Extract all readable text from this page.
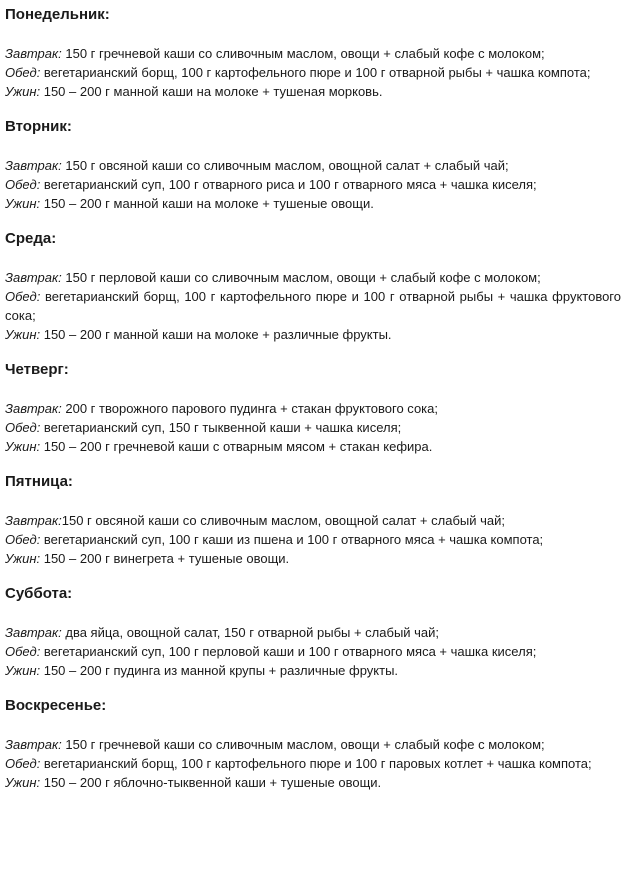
Понедельник:

Завтрак: 150 г гречневой каши со сливочным маслом, овощи + слабый кофе с молоком;

Обед: вегетарианский борщ, 100 г картофельного пюре и 100 г отварной рыбы + чашка компота;

Ужин: 150 – 200 г манной каши на молоке + тушеная морковь.

Вторник:

Завтрак: 150 г овсяной каши со сливочным маслом, овощной салат + слабый чай;

Обед: вегетарианский суп, 100 г отварного риса и 100 г отварного мяса + чашка киселя;

Ужин: 150 – 200 г манной каши на молоке + тушеные овощи.

Среда:

Завтрак: 150 г перловой каши со сливочным маслом, овощи + слабый кофе с молоком;

Обед: вегетарианский борщ, 100 г картофельного пюре и 100 г отварной рыбы + чашка фруктового сока;

Ужин: 150 – 200 г манной каши на молоке + различные фрукты.

Четверг:

Завтрак: 200 г творожного парового пудинга + стакан фруктового сока;

Обед: вегетарианский суп, 150 г тыквенной каши + чашка киселя;

Ужин: 150 – 200 г гречневой каши с отварным мясом + стакан кефира.

Пятница:

Завтрак:150 г овсяной каши со сливочным маслом, овощной салат + слабый чай;

Обед: вегетарианский суп, 100 г каши из пшена и 100 г отварного мяса + чашка компота;

Ужин: 150 – 200 г винегрета + тушеные овощи.

Суббота:

Завтрак: два яйца, овощной салат, 150 г отварной рыбы + слабый чай;

Обед: вегетарианский суп, 100 г перловой каши и 100 г отварного мяса + чашка киселя;

Ужин: 150 – 200 г пудинга из манной крупы + различные фрукты.

Воскресенье:

Завтрак: 150 г гречневой каши со сливочным маслом, овощи + слабый кофе с молоком;

Обед: вегетарианский борщ, 100 г картофельного пюре и 100 г паровых котлет + чашка компота;

Ужин: 150 – 200 г яблочно-тыквенной каши + тушеные овощи.
